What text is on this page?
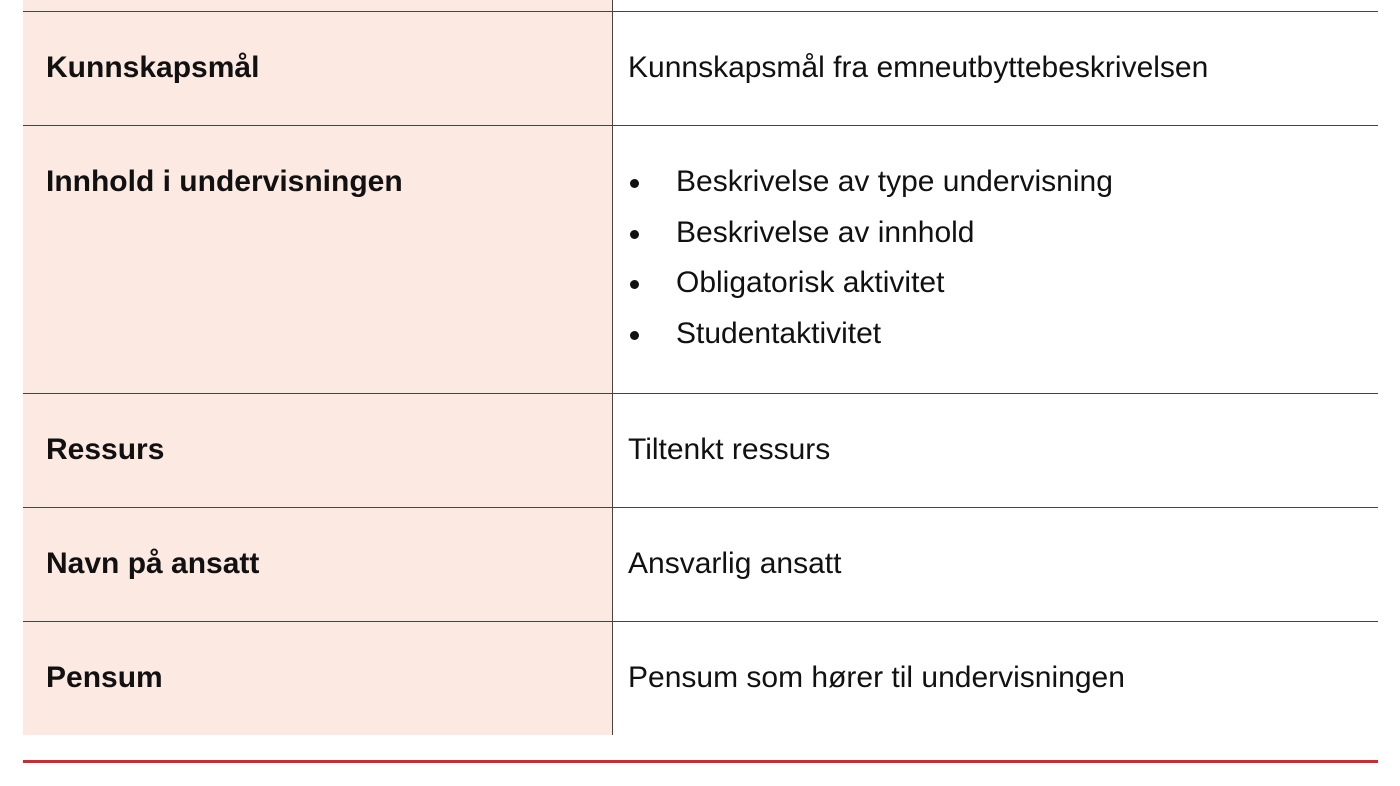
Kunnskapsmål	Kunnskapsmål fra emneutbyttebeskrivelsen
Innhold i undervisningen	Beskrivelse av type undervisning
Beskrivelse av innhold
Obligatorisk aktivitet
Studentaktivitet
Ressurs	Tiltenkt ressurs
Navn på ansatt	Ansvarlig ansatt
Pensum	Pensum som hører til undervisningen
